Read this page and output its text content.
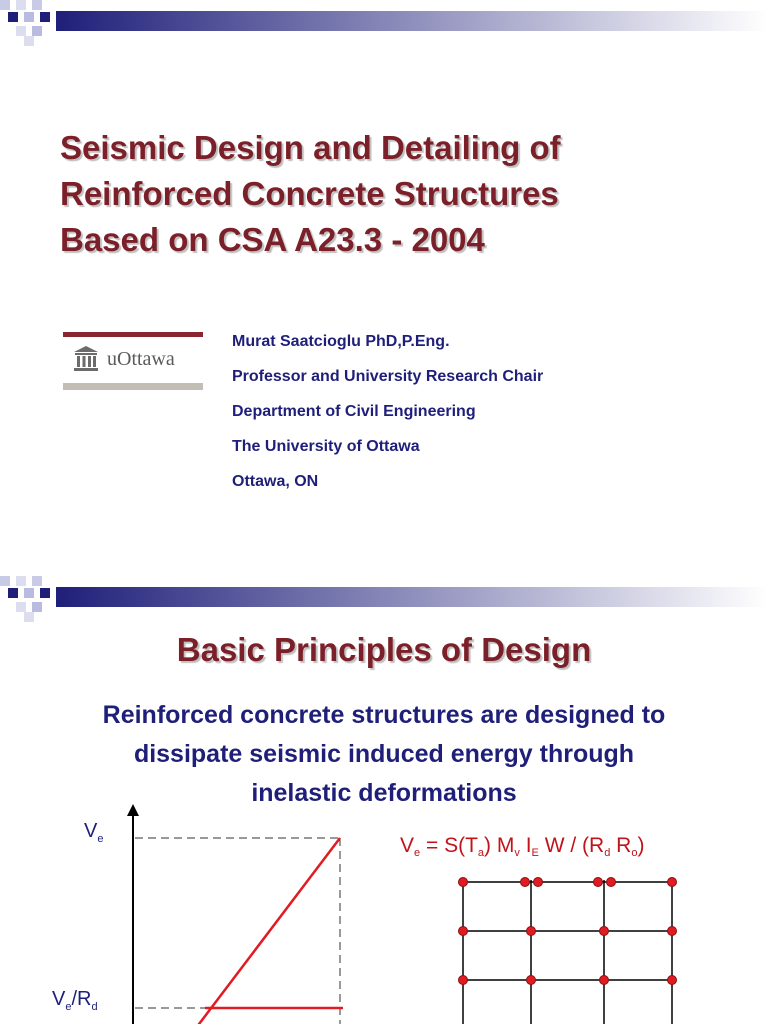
Seismic Design and Detailing of
Reinforced Concrete Structures
Based on CSA A23.3 - 2004
uOttawa
Murat Saatcioglu PhD,P.Eng.
Professor and University Research Chair
Department of Civil Engineering
The University of Ottawa
Ottawa, ON
Basic Principles of Design

Reinforced concrete structures are designed to
dissipate seismic induced energy through
inelastic deformations

$V_e$
$V_e/R_d$

$V_e = S(T_a)$ $M_v$ $I_E$ W / ($R_d$ $R_o$)
